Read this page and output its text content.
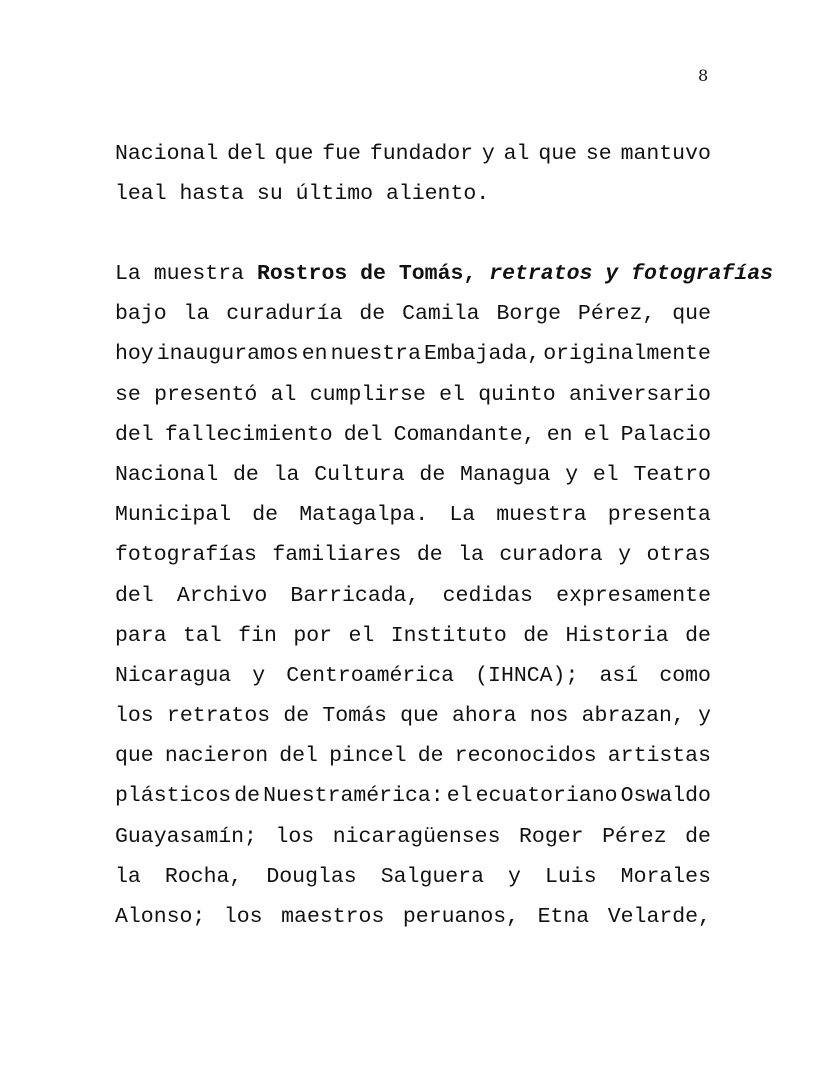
8
Nacional del que fue fundador y al que se mantuvo
leal hasta su último aliento.
La muestra Rostros de Tomás, retratos y fotografías
bajo la curaduría de Camila Borge Pérez, que
hoy inauguramos en nuestra Embajada, originalmente
se presentó al cumplirse el quinto aniversario
del fallecimiento del Comandante, en el Palacio
Nacional de la Cultura de Managua y el Teatro
Municipal de Matagalpa. La muestra presenta
fotografías familiares de la curadora y otras
del Archivo Barricada, cedidas expresamente
para tal fin por el Instituto de Historia de
Nicaragua y Centroamérica (IHNCA); así como
los retratos de Tomás que ahora nos abrazan, y
que nacieron del pincel de reconocidos artistas
plásticos de Nuestramérica: el ecuatoriano Oswaldo
Guayasamín; los nicaragüenses Roger Pérez de
la Rocha, Douglas Salguera y Luis Morales
Alonso; los maestros peruanos, Etna Velarde,
